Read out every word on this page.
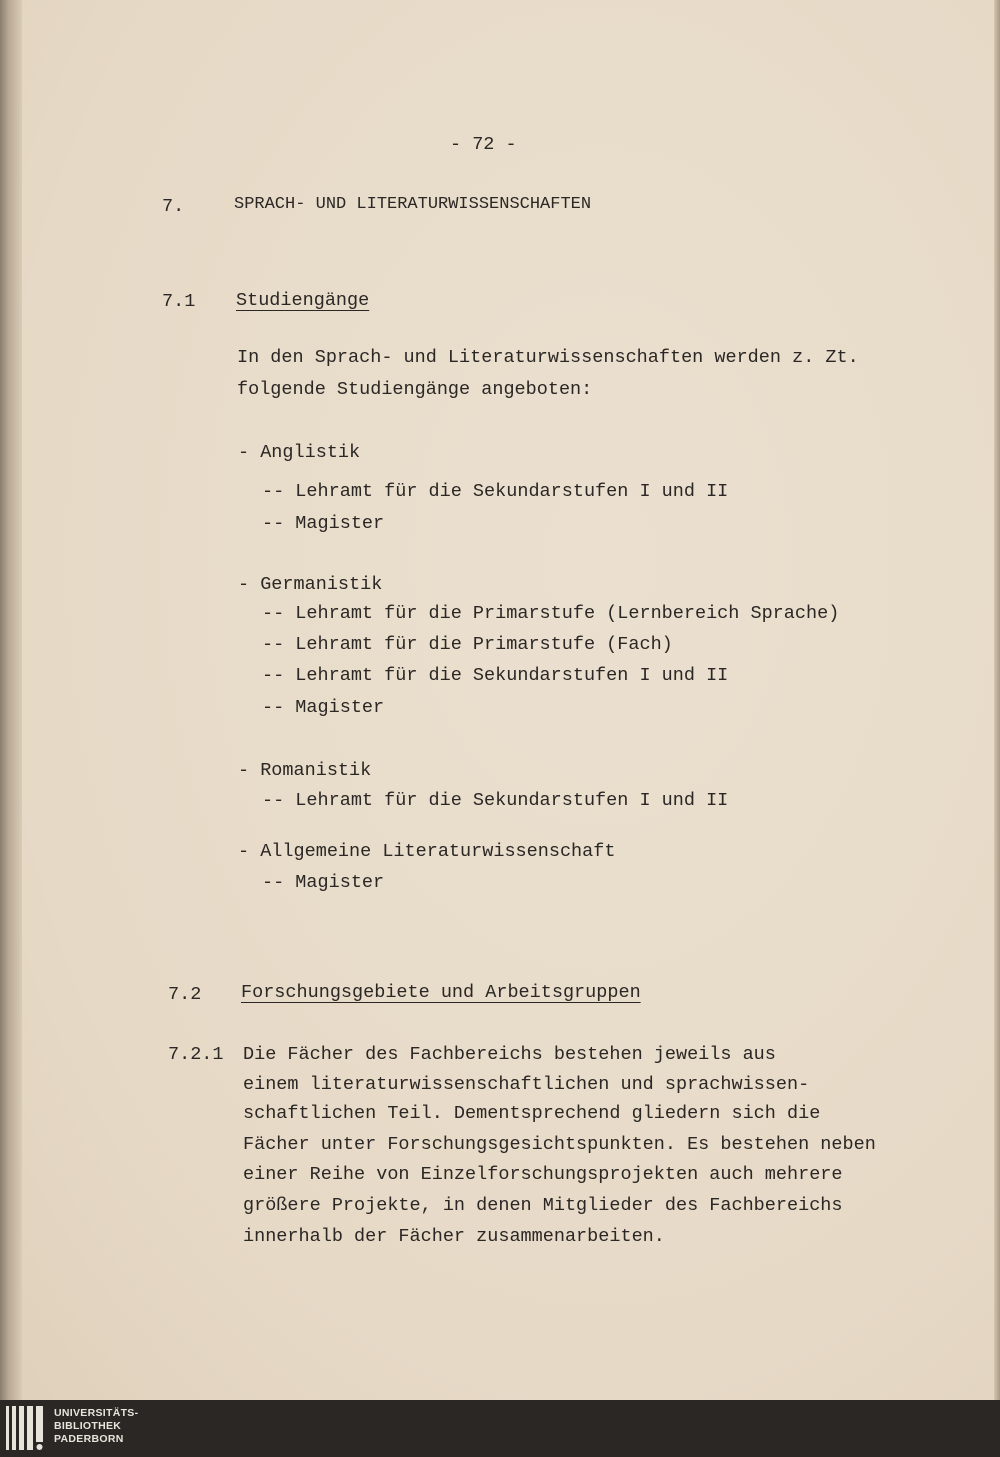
- 72 -
7.	SPRACH- UND LITERATURWISSENSCHAFTEN
7.1 Studiengänge
In den Sprach- und Literaturwissenschaften werden z. Zt.
folgende Studiengänge angeboten:
- Anglistik
-- Lehramt für die Sekundarstufen I und II
-- Magister
- Germanistik
-- Lehramt für die Primarstufe (Lernbereich Sprache)
-- Lehramt für die Primarstufe (Fach)
-- Lehramt für die Sekundarstufen I und II
-- Magister
- Romanistik
-- Lehramt für die Sekundarstufen I und II
- Allgemeine Literaturwissenschaft
-- Magister
7.2 Forschungsgebiete und Arbeitsgruppen
7.2.1 Die Fächer des Fachbereichs bestehen jeweils aus
einem literaturwissenschaftlichen und sprachwissen-
schaftlichen Teil. Dementsprechend gliedern sich die
Fächer unter Forschungsgesichtspunkten. Es bestehen neben
einer Reihe von Einzelforschungsprojekten auch mehrere
größere Projekte, in denen Mitglieder des Fachbereichs
innerhalb der Fächer zusammenarbeiten.
UNIVERSITÄTS-
BIBLIOTHEK
PADERBORN
